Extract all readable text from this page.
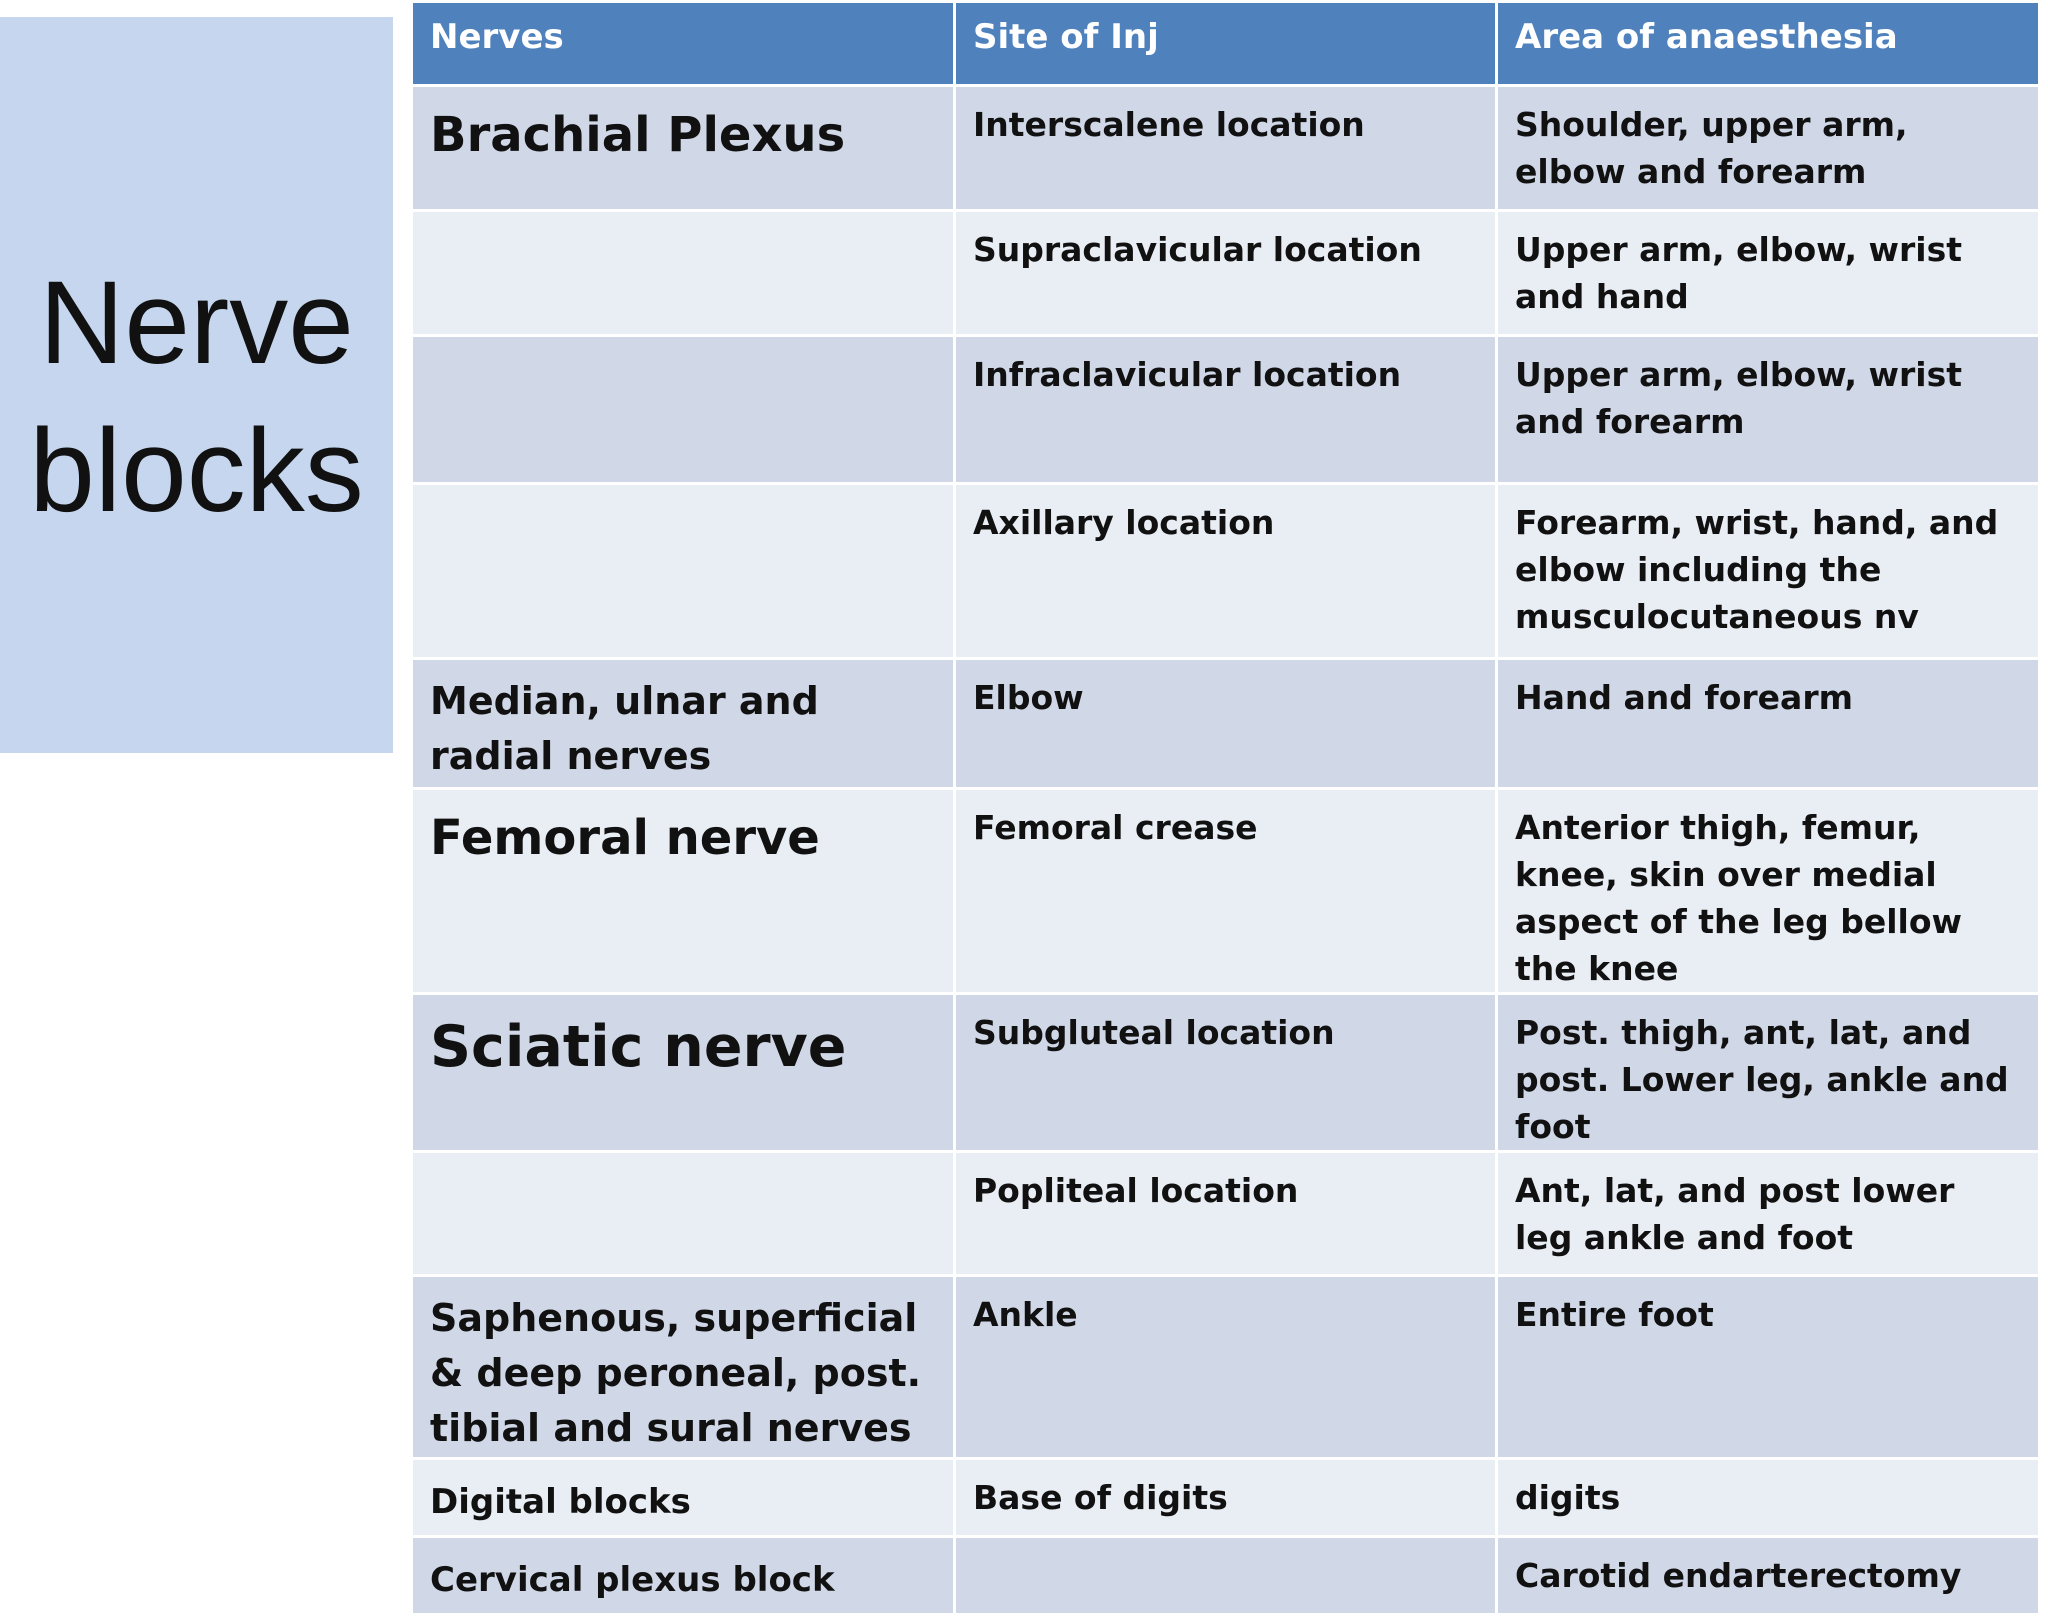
Nerve
blocks
Nerves	Site of Inj	Area of anaesthesia
Brachial Plexus	Interscalene location	Shoulder, upper arm, elbow and forearm
	Supraclavicular location	Upper arm, elbow, wrist and hand
	Infraclavicular location	Upper arm, elbow, wrist and forearm
	Axillary location	Forearm, wrist, hand, and elbow including the musculocutaneous nv
Median, ulnar and radial nerves	Elbow	Hand and forearm
Femoral nerve	Femoral crease	Anterior thigh, femur, knee, skin over medial aspect of the leg bellow the knee
Sciatic nerve	Subgluteal location	Post. thigh, ant, lat, and post. Lower leg, ankle and foot
	Popliteal location	Ant, lat, and post lower leg ankle and foot
Saphenous, superficial & deep peroneal, post. tibial and sural nerves	Ankle	Entire foot
Digital blocks	Base of digits	digits
Cervical plexus block		Carotid endarterectomy
